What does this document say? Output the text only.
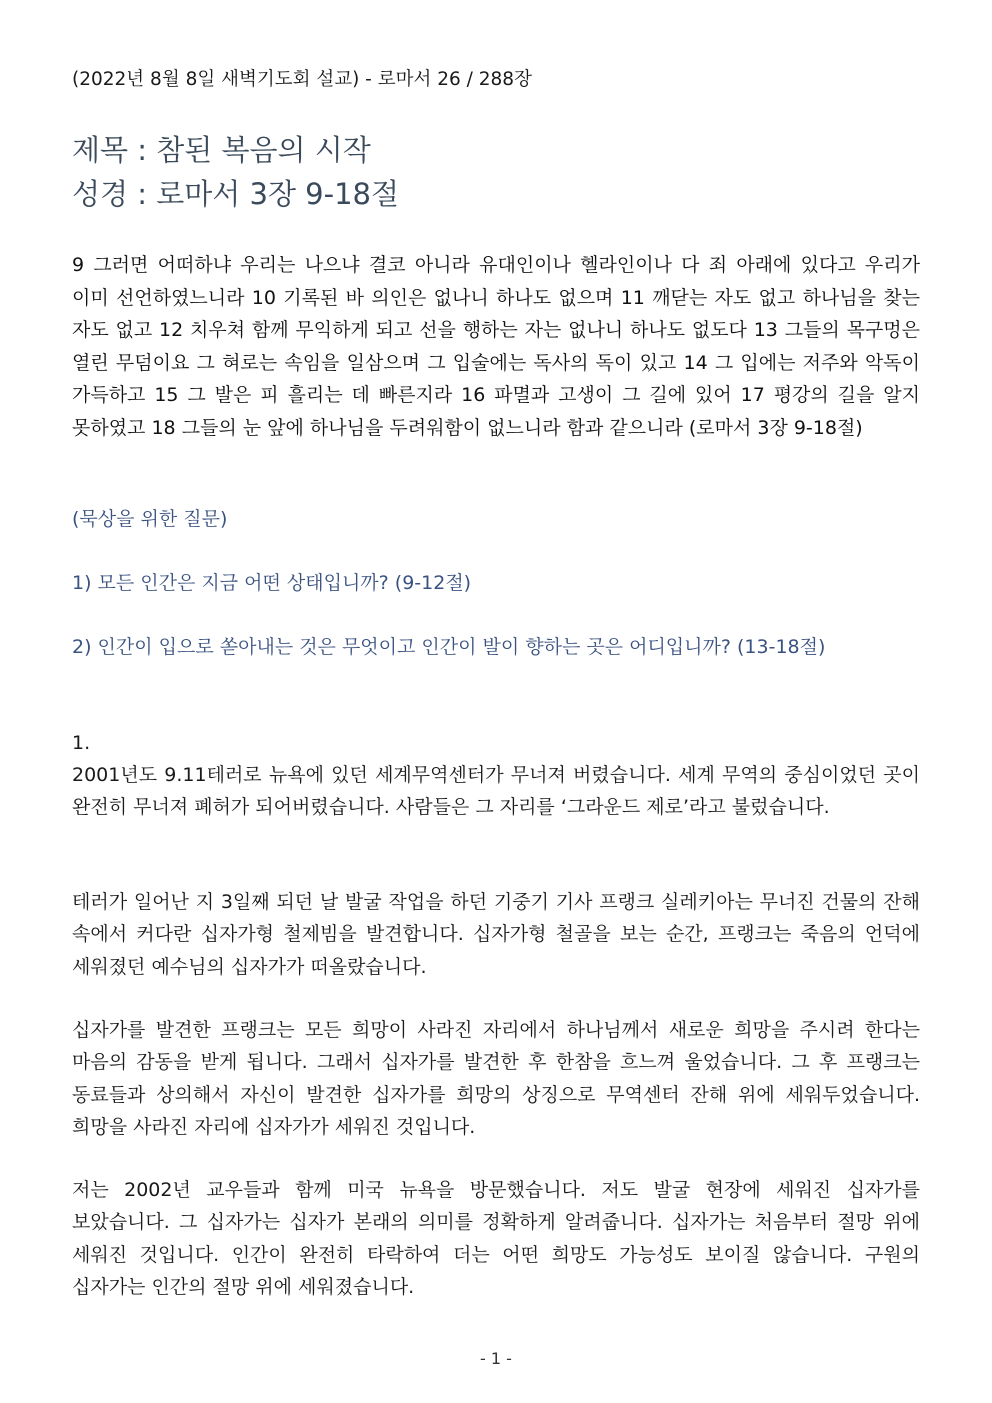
(2022년 8월 8일 새벽기도회 설교) - 로마서 26 / 288장
제목 : 참된 복음의 시작
성경 : 로마서 3장 9-18절
9 그러면 어떠하냐 우리는 나으냐 결코 아니라 유대인이나 헬라인이나 다 죄 아래에 있다고 우리가 이미 선언하였느니라 10 기록된 바 의인은 없나니 하나도 없으며 11 깨닫는 자도 없고 하나님을 찾는 자도 없고 12 치우쳐 함께 무익하게 되고 선을 행하는 자는 없나니 하나도 없도다 13 그들의 목구멍은 열린 무덤이요 그 혀로는 속임을 일삼으며 그 입술에는 독사의 독이 있고 14 그 입에는 저주와 악독이 가득하고 15 그 발은 피 흘리는 데 빠른지라 16 파멸과 고생이 그 길에 있어 17 평강의 길을 알지 못하였고 18 그들의 눈 앞에 하나님을 두려워함이 없느니라 함과 같으니라 (로마서 3장 9-18절)
(묵상을 위한 질문)
1) 모든 인간은 지금 어떤 상태입니까? (9-12절)
2) 인간이 입으로 쏟아내는 것은 무엇이고 인간이 발이 향하는 곳은 어디입니까? (13-18절)
1.
2001년도 9.11테러로 뉴욕에 있던 세계무역센터가 무너져 버렸습니다. 세계 무역의 중심이었던 곳이 완전히 무너져 폐허가 되어버렸습니다. 사람들은 그 자리를 ‘그라운드 제로’라고 불렀습니다.
테러가 일어난 지 3일째 되던 날 발굴 작업을 하던 기중기 기사 프랭크 실레키아는 무너진 건물의 잔해 속에서 커다란 십자가형 철제빔을 발견합니다. 십자가형 철골을 보는 순간, 프랭크는 죽음의 언덕에 세워졌던 예수님의 십자가가 떠올랐습니다.
십자가를 발견한 프랭크는 모든 희망이 사라진 자리에서 하나님께서 새로운 희망을 주시려 한다는 마음의 감동을 받게 됩니다. 그래서 십자가를 발견한 후 한참을 흐느껴 울었습니다. 그 후 프랭크는 동료들과 상의해서 자신이 발견한 십자가를 희망의 상징으로 무역센터 잔해 위에 세워두었습니다. 희망을 사라진 자리에 십자가가 세워진 것입니다.
저는 2002년 교우들과 함께 미국 뉴욕을 방문했습니다. 저도 발굴 현장에 세워진 십자가를 보았습니다. 그 십자가는 십자가 본래의 의미를 정확하게 알려줍니다. 십자가는 처음부터 절망 위에 세워진 것입니다. 인간이 완전히 타락하여 더는 어떤 희망도 가능성도 보이질 않습니다. 구원의 십자가는 인간의 절망 위에 세워졌습니다.
- 1 -
